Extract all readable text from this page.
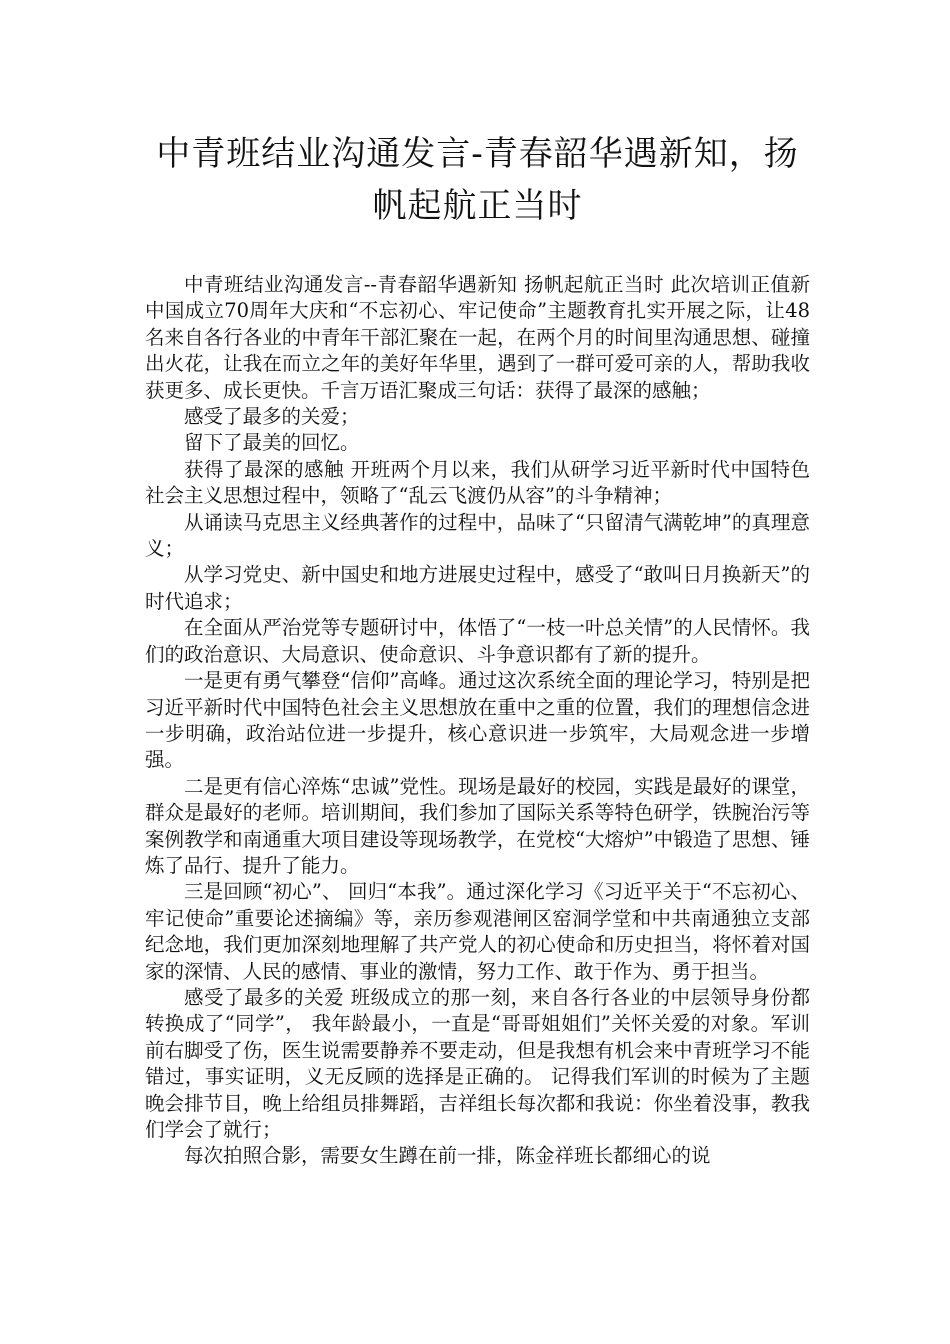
中青班结业沟通发言-青春韶华遇新知，扬帆起航正当时

中青班结业沟通发言--青春韶华遇新知 扬帆起航正当时 此次培训正值新中国成立70周年大庆和“不忘初心、牢记使命”主题教育扎实开展之际，让48名来自各行各业的中青年干部汇聚在一起，在两个月的时间里沟通思想、碰撞出火花，让我在而立之年的美好年华里，遇到了一群可爱可亲的人，帮助我收获更多、成长更快。千言万语汇聚成三句话：获得了最深的感触；

感受了最多的关爱；

留下了最美的回忆。

获得了最深的感触 开班两个月以来，我们从研学习近平新时代中国特色社会主义思想过程中，领略了“乱云飞渡仍从容”的斗争精神；

从诵读马克思主义经典著作的过程中，品味了“只留清气满乾坤”的真理意义；

从学习党史、新中国史和地方进展史过程中，感受了“敢叫日月换新天”的时代追求；

在全面从严治党等专题研讨中，体悟了“一枝一叶总关情”的人民情怀。我们的政治意识、大局意识、使命意识、斗争意识都有了新的提升。

一是更有勇气攀登“信仰”高峰。通过这次系统全面的理论学习，特别是把习近平新时代中国特色社会主义思想放在重中之重的位置，我们的理想信念进一步明确，政治站位进一步提升，核心意识进一步筑牢，大局观念进一步增强。

二是更有信心淬炼“忠诚”党性。现场是最好的校园，实践是最好的课堂，群众是最好的老师。培训期间，我们参加了国际关系等特色研学，铁腕治污等案例教学和南通重大项目建设等现场教学，在党校“大熔炉”中锻造了思想、锤炼了品行、提升了能力。

三是回顾“初心”、 回归“本我”。通过深化学习《习近平关于“不忘初心、牢记使命”重要论述摘编》等，亲历参观港闸区窑洞学堂和中共南通独立支部纪念地，我们更加深刻地理解了共产党人的初心使命和历史担当，将怀着对国家的深情、人民的感情、事业的激情，努力工作、敢于作为、勇于担当。

感受了最多的关爱 班级成立的那一刻，来自各行各业的中层领导身份都转换成了“同学”， 我年龄最小，一直是“哥哥姐姐们”关怀关爱的对象。军训前右脚受了伤，医生说需要静养不要走动，但是我想有机会来中青班学习不能错过，事实证明，义无反顾的选择是正确的。 记得我们军训的时候为了主题晚会排节目，晚上给组员排舞蹈，吉祥组长每次都和我说：你坐着没事，教我们学会了就行；

每次拍照合影，需要女生蹲在前一排，陈金祥班长都细心的说
